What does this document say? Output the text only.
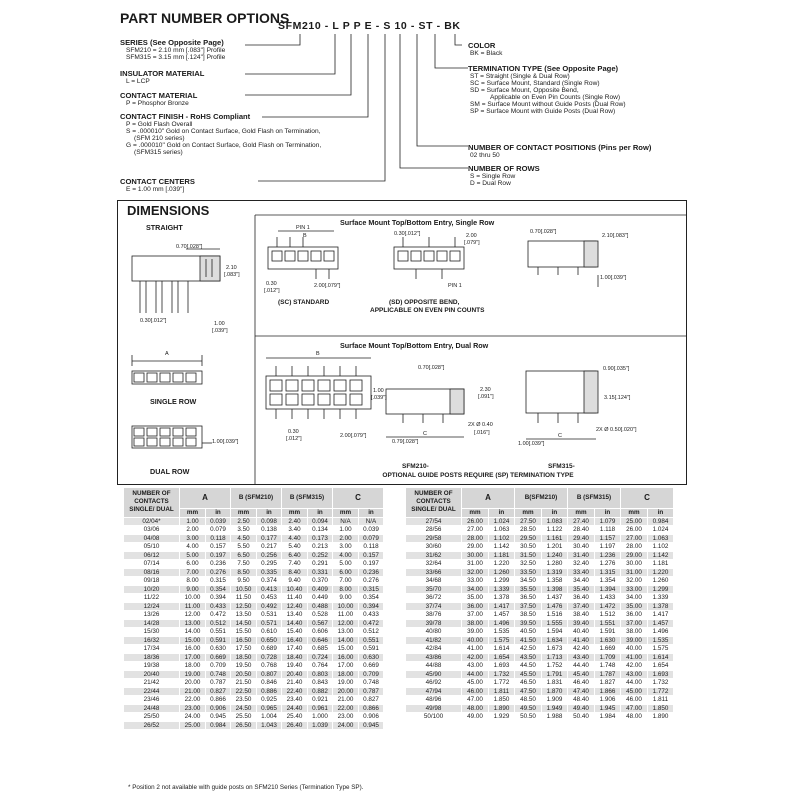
PART NUMBER OPTIONS
SFM210 - L P P E - S 10 - ST - BK
SERIES (See Opposite Page)
SFM210 = 2.10 mm [.083"] Profile
SFM315 = 3.15 mm [.124"] Profile
INSULATOR MATERIAL
L = LCP
CONTACT MATERIAL
P = Phosphor Bronze
CONTACT FINISH - RoHS Compliant
P = Gold Flash Overall
S = .000010" Gold on Contact Surface, Gold Flash on Termination,
(SFM 210 series)
G = .000010" Gold on Contact Surface, Gold Flash on Termination,
(SFM315 series)
CONTACT CENTERS
E = 1.00 mm [.039"]
COLOR
BK = Black
TERMINATION TYPE (See Opposite Page)
ST = Straight (Single & Dual Row)
SC = Surface Mount, Standard (Single Row)
SD = Surface Mount, Opposite Bend,
Applicable on Even Pin Counts (Single Row)
SM = Surface Mount without Guide Posts (Dual Row)
SP = Surface Mount with Guide Posts (Dual Row)
NUMBER OF CONTACT POSITIONS (Pins per Row)
02 thru 50
NUMBER OF ROWS
S = Single Row
D = Dual Row
DIMENSIONS
STRAIGHT
0.70[.028"]
2.10
[.083"]
0.30[.012"]	1.00
[.039"]
A
SINGLE ROW
1.00[.039"]
DUAL ROW
Surface Mount Top/Bottom Entry, Single Row
PIN 1
B
0.30
[.012"]
2.00[.079"]
(SC) STANDARD
0.30[.012"]	2.00
[.079"]
PIN 1
(SD) OPPOSITE BEND,
APPLICABLE ON EVEN PIN COUNTS
0.70[.028"]
2.10[.083"]
1.00[.039"]
Surface Mount Top/Bottom Entry, Dual Row
B
1.00
[.039"]
0.30
[.012"]	2.00[.079"]
0.70[.028"]
2.30
[.091"]
2X Ø 0.40
[.016"]
0.79[.028"]
C
0.90[.035"]
3.15[.124"]
2X Ø 0.50[.020"]
C
1.00[.039"]
SFM210-	SFM315-
OPTIONAL GUIDE POSTS REQUIRE (SP) TERMINATION TYPE
NUMBER OF CONTACTS SINGLE/ DUAL	A		B (SFM210)		B (SFM315)		C	
	mm	in	mm	in	mm	in	mm	in
02/04*	1.00	0.039	2.50	0.098	2.40	0.094	N/A	N/A
03/06	2.00	0.079	3.50	0.138	3.40	0.134	1.00	0.039
04/08	3.00	0.118	4.50	0.177	4.40	0.173	2.00	0.079
05/10	4.00	0.157	5.50	0.217	5.40	0.213	3.00	0.118
06/12	5.00	0.197	6.50	0.256	6.40	0.252	4.00	0.157
07/14	6.00	0.236	7.50	0.295	7.40	0.291	5.00	0.197
08/16	7.00	0.276	8.50	0.335	8.40	0.331	6.00	0.236
09/18	8.00	0.315	9.50	0.374	9.40	0.370	7.00	0.276
10/20	9.00	0.354	10.50	0.413	10.40	0.409	8.00	0.315
11/22	10.00	0.394	11.50	0.453	11.40	0.449	9.00	0.354
12/24	11.00	0.433	12.50	0.492	12.40	0.488	10.00	0.394
13/26	12.00	0.472	13.50	0.531	13.40	0.528	11.00	0.433
14/28	13.00	0.512	14.50	0.571	14.40	0.567	12.00	0.472
15/30	14.00	0.551	15.50	0.610	15.40	0.606	13.00	0.512
16/32	15.00	0.591	16.50	0.650	16.40	0.646	14.00	0.551
17/34	16.00	0.630	17.50	0.689	17.40	0.685	15.00	0.591
18/36	17.00	0.669	18.50	0.728	18.40	0.724	16.00	0.630
19/38	18.00	0.709	19.50	0.768	19.40	0.764	17.00	0.669
20/40	19.00	0.748	20.50	0.807	20.40	0.803	18.00	0.709
21/42	20.00	0.787	21.50	0.846	21.40	0.843	19.00	0.748
22/44	21.00	0.827	22.50	0.886	22.40	0.882	20.00	0.787
23/46	22.00	0.866	23.50	0.925	23.40	0.921	21.00	0.827
24/48	23.00	0.906	24.50	0.965	24.40	0.961	22.00	0.866
25/50	24.00	0.945	25.50	1.004	25.40	1.000	23.00	0.906
26/52	25.00	0.984	26.50	1.043	26.40	1.039	24.00	0.945
NUMBER OF CONTACTS SINGLE/ DUAL	A		B(SFM210)		B (SFM315)		C	
	mm	in	mm	in	mm	in	mm	in
27/54	26.00	1.024	27.50	1.083	27.40	1.079	25.00	0.984
28/56	27.00	1.063	28.50	1.122	28.40	1.118	26.00	1.024
29/58	28.00	1.102	29.50	1.161	29.40	1.157	27.00	1.063
30/60	29.00	1.142	30.50	1.201	30.40	1.197	28.00	1.102
31/62	30.00	1.181	31.50	1.240	31.40	1.236	29.00	1.142
32/64	31.00	1.220	32.50	1.280	32.40	1.276	30.00	1.181
33/66	32.00	1.260	33.50	1.319	33.40	1.315	31.00	1.220
34/68	33.00	1.299	34.50	1.358	34.40	1.354	32.00	1.260
35/70	34.00	1.339	35.50	1.398	35.40	1.394	33.00	1.299
36/72	35.00	1.378	36.50	1.437	36.40	1.433	34.00	1.339
37/74	36.00	1.417	37.50	1.476	37.40	1.472	35.00	1.378
38/76	37.00	1.457	38.50	1.516	38.40	1.512	36.00	1.417
39/78	38.00	1.496	39.50	1.555	39.40	1.551	37.00	1.457
40/80	39.00	1.535	40.50	1.594	40.40	1.591	38.00	1.496
41/82	40.00	1.575	41.50	1.634	41.40	1.630	39.00	1.535
42/84	41.00	1.614	42.50	1.673	42.40	1.669	40.00	1.575
43/86	42.00	1.654	43.50	1.713	43.40	1.709	41.00	1.614
44/88	43.00	1.693	44.50	1.752	44.40	1.748	42.00	1.654
45/90	44.00	1.732	45.50	1.791	45.40	1.787	43.00	1.693
46/92	45.00	1.772	46.50	1.831	46.40	1.827	44.00	1.732
47/94	46.00	1.811	47.50	1.870	47.40	1.866	45.00	1.772
48/96	47.00	1.850	48.50	1.909	48.40	1.906	46.00	1.811
49/98	48.00	1.890	49.50	1.949	49.40	1.945	47.00	1.850
50/100	49.00	1.929	50.50	1.988	50.40	1.984	48.00	1.890
* Position 2 not available with guide posts on SFM210 Series (Termination Type SP).
